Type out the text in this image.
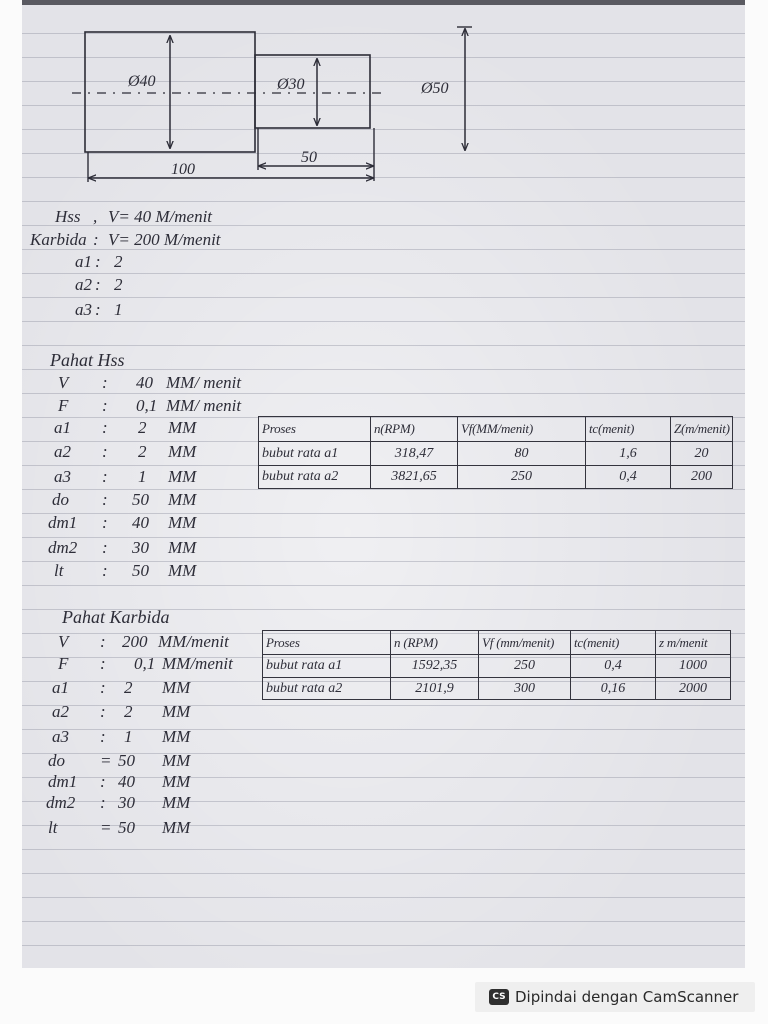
Ø40	Ø30	Ø50
100
50
Hss , V= 40 M/menit
Karbida : V= 200 M/menit
a1 : 2
a2 : 2
a3 : 1
Pahat Hss
V : 40 MM/ menit
F : 0,1 MM/ menit
a1 : 2 MM
a2 : 2 MM
a3 : 1 MM
do : 50 MM
dm1 : 40 MM
dm2 : 30 MM
lt : 50 MM
Proses	n(RPM)	Vf(MM/menit)	tc(menit)	Z(m/menit)
bubut rata a1	318,47	80	1,6	20
bubut rata a2	3821,65	250	0,4	200
Pahat Karbida
V : 200 MM/menit
F : 0,1 MM/menit
a1 : 2 MM
a2 : 2 MM
a3 : 1 MM
do = 50 MM
dm1 : 40 MM
dm2 : 30 MM
lt	= 50 MM
Proses	n (RPM)	Vf (mm/menit)	tc(menit)	z m/menit
bubut rata a1	1592,35	250	0,4	1000
bubut rata a2	2101,9	300	0,16	2000
CS Dipindai dengan CamScanner
